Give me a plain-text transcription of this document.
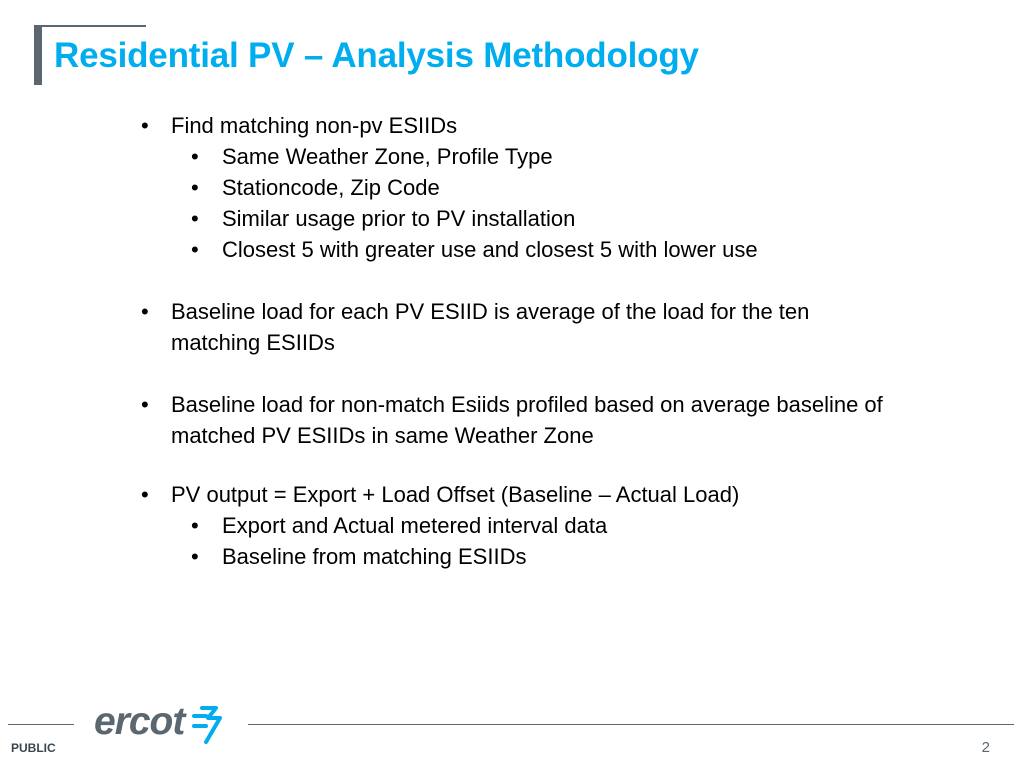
Residential PV – Analysis Methodology
• Find matching non-pv ESIIDs
• Same Weather Zone, Profile Type
• Stationcode, Zip Code
• Similar usage prior to PV installation
• Closest 5 with greater use and closest 5 with lower use
• Baseline load for each PV ESIID is average of the load for the ten matching ESIIDs
• Baseline load for non-match Esiids profiled based on average baseline of matched PV ESIIDs in same Weather Zone
• PV output = Export + Load Offset (Baseline – Actual Load)
• Export and Actual metered interval data
• Baseline from matching ESIIDs
ercot
PUBLIC	2
